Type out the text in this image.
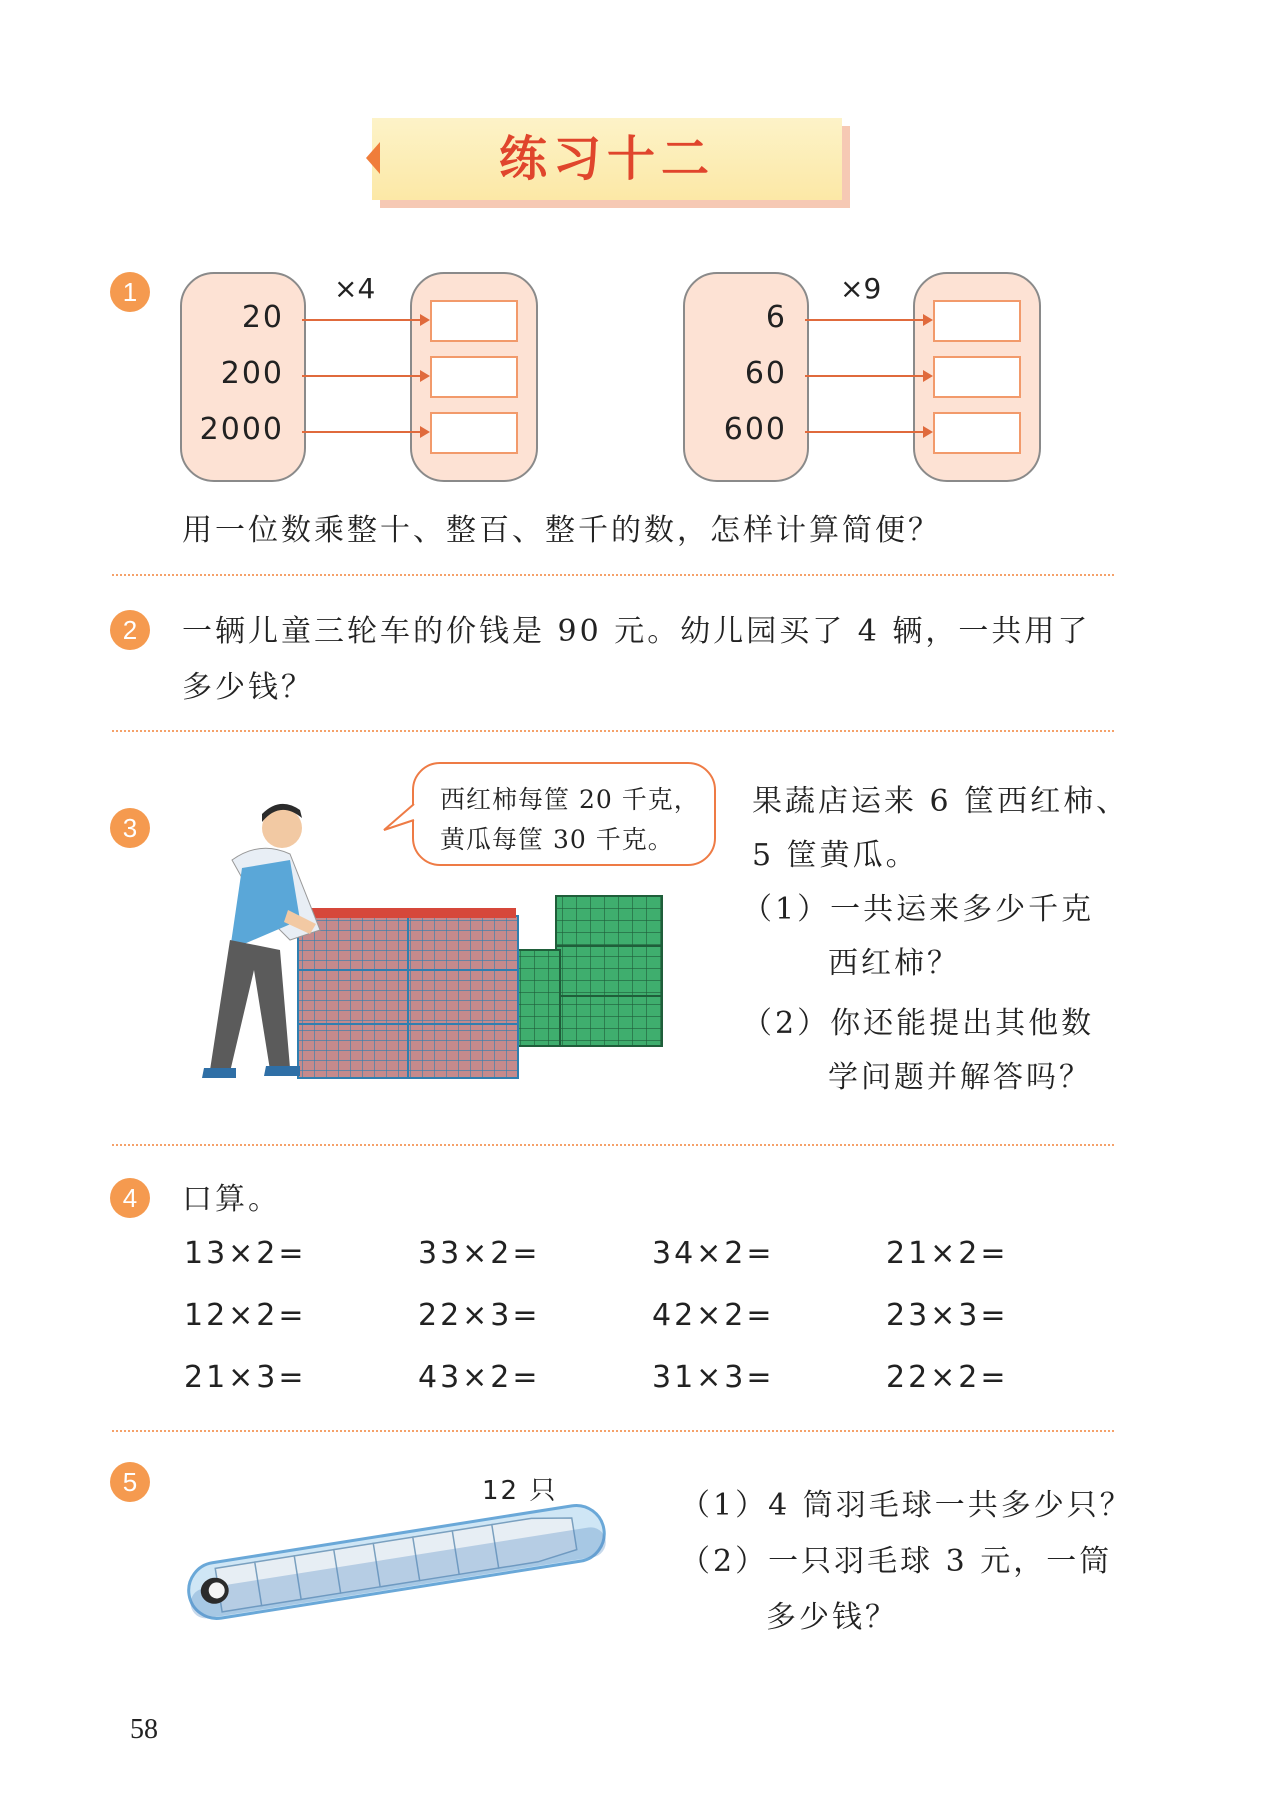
练习十二
1	×4
20
200
2000
×9
6
60
600
用一位数乘整十、整百、整千的数，怎样计算简便？
2	一辆儿童三轮车的价钱是 90 元。幼儿园买了 4 辆，一共用了
多少钱？
3
西红柿每筐 20 千克，
黄瓜每筐 30 千克。
果蔬店运来 6 筐西红柿、
5 筐黄瓜。
（1）一共运来多少千克
西红柿？
（2）你还能提出其他数
学问题并解答吗？
4	口算。
13×2=	33×2=	34×2=	21×2=
12×2=	22×3=	42×2=	23×3=
21×3=	43×2=	31×3=	22×2=
5	12 只	（1）4 筒羽毛球一共多少只？
（2）一只羽毛球 3 元，一筒
多少钱？
58
